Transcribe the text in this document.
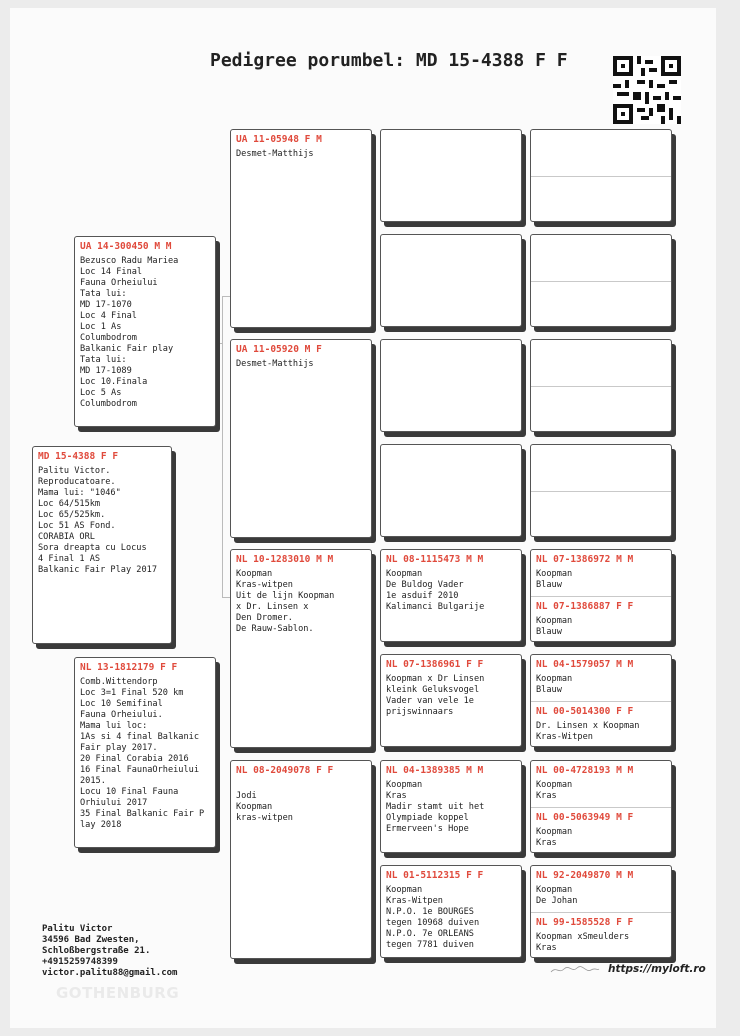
Pedigree porumbel: MD 15-4388 F F
MD 15-4388 F F
Palitu Victor.
Reproducatoare.
Mama lui: "1046"
Loc 64/515km
Loc 65/525km.
Loc 51 AS Fond.
CORABIA ORL
Sora dreapta cu Locus
4 Final 1 AS
Balkanic Fair Play 2017
UA 14-300450 M M
Bezusco Radu Mariea
Loc 14 Final
Fauna Orheiului
Tata lui:
MD 17-1070
Loc 4 Final
Loc 1 As
Columbodrom
Balkanic Fair play
Tata lui:
MD 17-1089
Loc 10.Finala
Loc 5 As
Columbodrom
NL 13-1812179 F F
Comb.Wittendorp
Loc 3=1 Final 520 km
Loc 10 Semifinal
Fauna Orheiului.
Mama lui loc:
1As si 4 final Balkanic
Fair play 2017.
20 Final Corabia 2016
16 Final FaunaOrheiului
2015.
Locu 10 Final Fauna
Orhiului 2017
35 Final Balkanic Fair P
lay 2018
UA 11-05948 F M
Desmet-Matthijs
UA 11-05920 M F
Desmet-Matthijs
NL 10-1283010 M M
Koopman
Kras-witpen
Uit de lijn Koopman
x Dr. Linsen x
Den Dromer.
De Rauw-Sablon.
NL 08-2049078 F F

Jodi
Koopman
kras-witpen
NL 08-1115473 M M
Koopman
De Buldog Vader
1e asduif 2010
Kalimanci Bulgarije
NL 07-1386961 F F
Koopman x Dr Linsen
kleink Geluksvogel
Vader van vele 1e
prijswinnaars
NL 04-1389385 M M
Koopman
Kras
Madir stamt uit het
Olympiade koppel
Ermerveen's Hope
NL 01-5112315 F F
Koopman
Kras-Witpen
N.P.O. 1e BOURGES
tegen 10968 duiven
N.P.O. 7e ORLEANS
tegen 7781 duiven
NL 07-1386972 M M
Koopman
Blauw
NL 07-1386887 F F
Koopman
Blauw
NL 04-1579057 M M
Koopman
Blauw
NL 00-5014300 F F
Dr. Linsen x Koopman
Kras-Witpen
NL 00-4728193 M M
Koopman
Kras
NL 00-5063949 M F
Koopman
Kras
NL 92-2049870 M M
Koopman
De Johan
NL 99-1585528 F F
Koopman xSmeulders
Kras
Palitu Victor
34596 Bad Zwesten,
Schloßbergstraße 21.
+4915259748399
victor.palitu88@gmail.com	https://myloft.ro
GOTHENBURG
